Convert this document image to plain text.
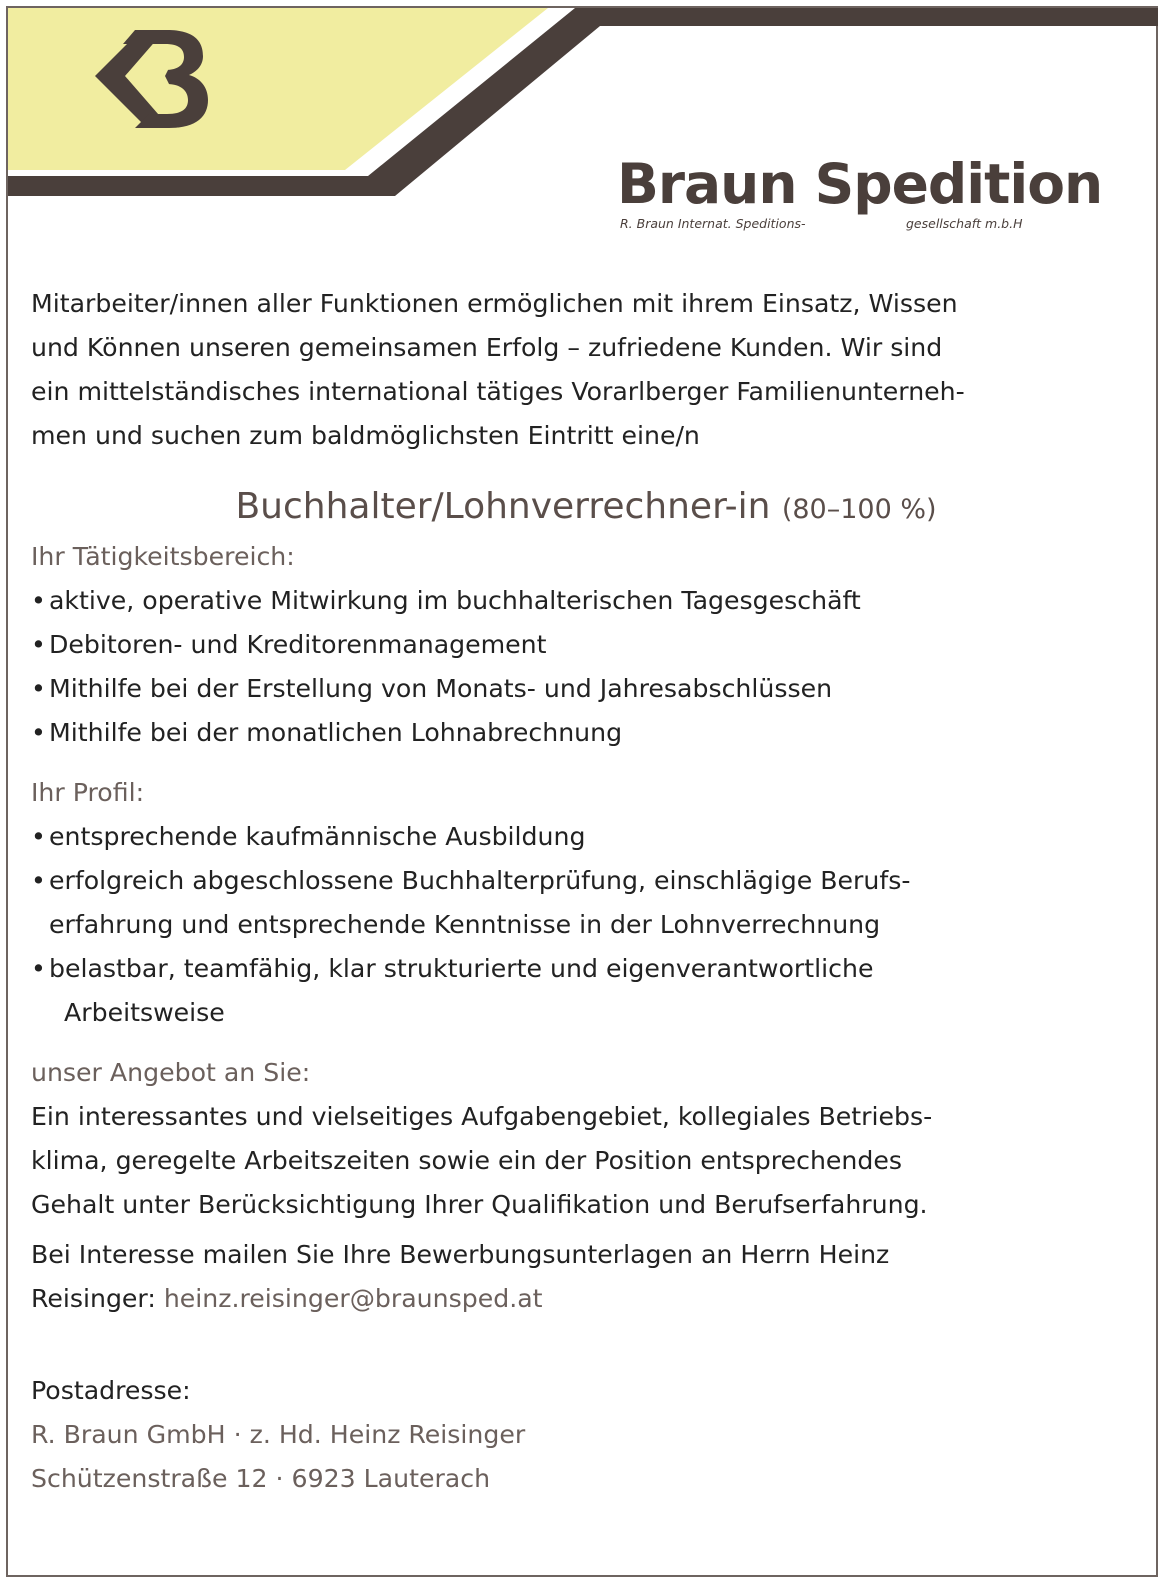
Braun Spedition
R. Braun Internat. Speditions-	gesellschaft m.b.H

Mitarbeiter/innen aller Funktionen ermöglichen mit ihrem Einsatz, Wissen

und Können unseren gemeinsamen Erfolg – zufriedene Kunden. Wir sind

ein mittelständisches international tätiges Vorarlberger Familienunterneh-

men und suchen zum baldmöglichsten Eintritt eine/n

Buchhalter/Lohnverrechner-in (80–100 %)
Ihr Tätigkeitsbereich:
• aktive, operative Mitwirkung im buchhalterischen Tagesgeschäft
• Debitoren- und Kreditorenmanagement
• Mithilfe bei der Erstellung von Monats- und Jahresabschlüssen
• Mithilfe bei der monatlichen Lohnabrechnung
Ihr Profil:
• entsprechende kaufmännische Ausbildung
• erfolgreich abgeschlossene Buchhalterprüfung, einschlägige Berufs-
erfahrung und entsprechende Kenntnisse in der Lohnverrechnung
• belastbar, teamfähig, klar strukturierte und eigenverantwortliche
Arbeitsweise
unser Angebot an Sie:

Ein interessantes und vielseitiges Aufgabengebiet, kollegiales Betriebs-

klima, geregelte Arbeitszeiten sowie ein der Position entsprechendes

Gehalt unter Berücksichtigung Ihrer Qualifikation und Berufserfahrung.

Bei Interesse mailen Sie Ihre Bewerbungsunterlagen an Herrn Heinz

Reisinger: heinz.reisinger@braunsped.at

Postadresse:
R. Braun GmbH · z. Hd. Heinz Reisinger
Schützenstraße 12 · 6923 Lauterach
